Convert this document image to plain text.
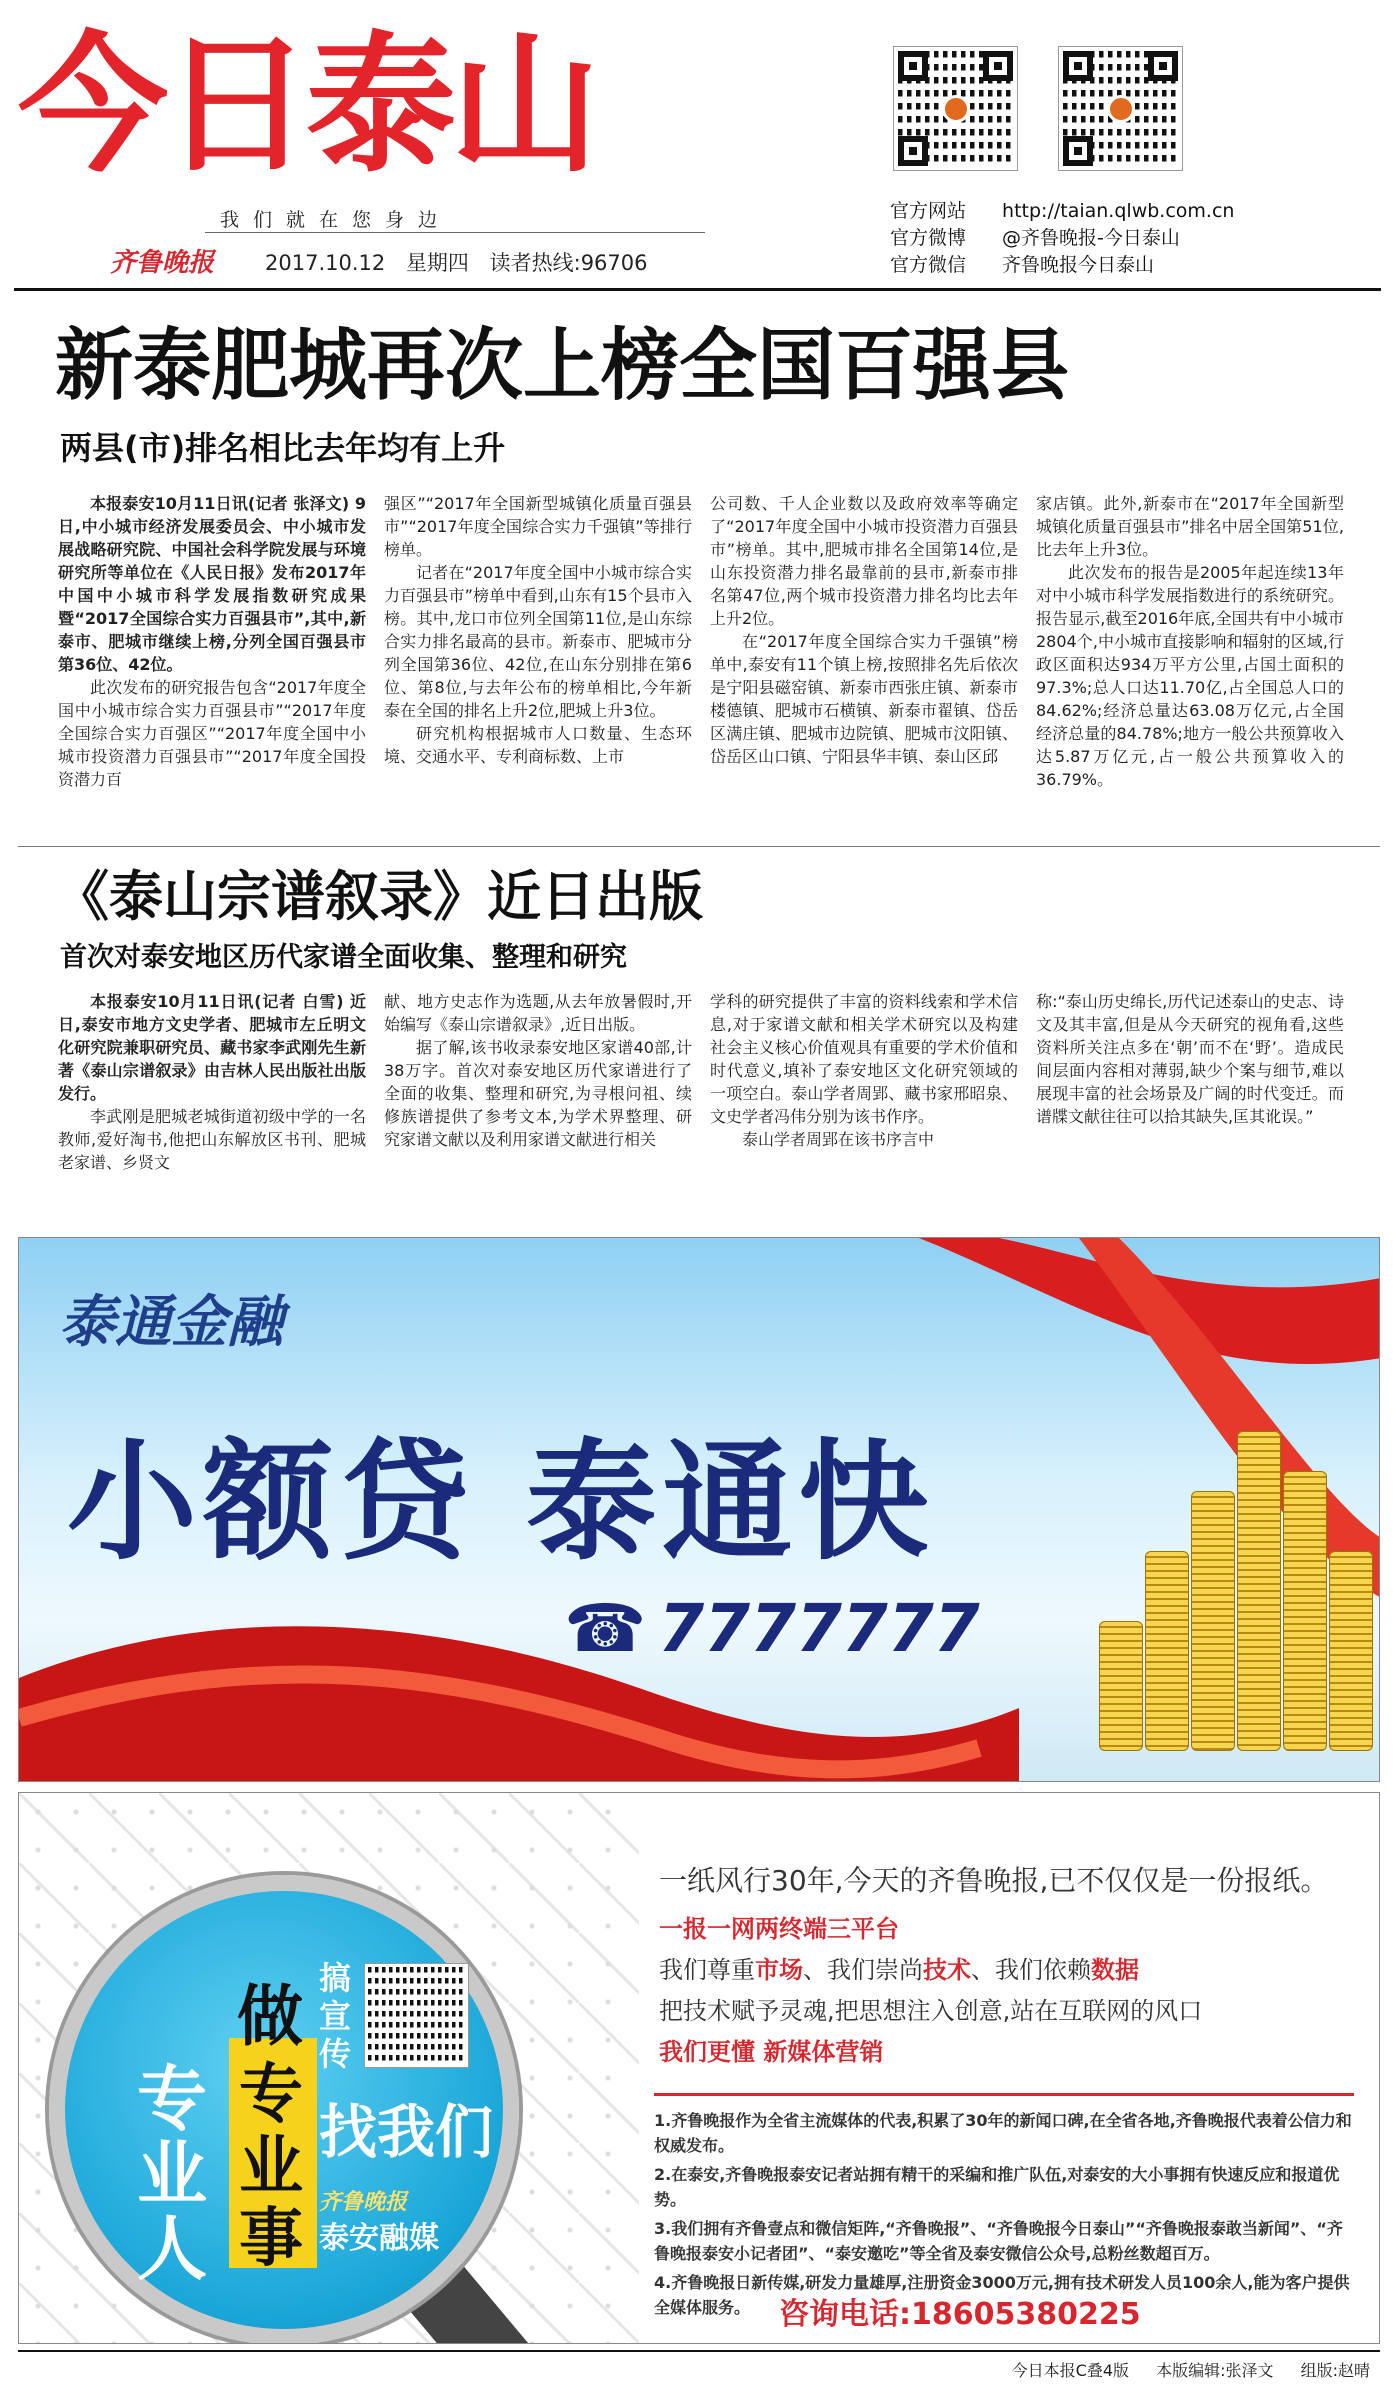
今日泰山
我们就在您身边
齐鲁晚报 2017.10.12 星期四 读者热线:96706
官方网站 http://taian.qlwb.com.cn
官方微博 @齐鲁晚报-今日泰山
官方微信 齐鲁晚报今日泰山
新泰肥城再次上榜全国百强县
两县(市)排名相比去年均有上升

本报泰安10月11日讯(记者 张泽文) 9日,中小城市经济发展委员会、中小城市发展战略研究院、中国社会科学院发展与环境研究所等单位在《人民日报》发布2017年中国中小城市科学发展指数研究成果暨“2017全国综合实力百强县市”,其中,新泰市、肥城市继续上榜,分列全国百强县市第36位、42位。

此次发布的研究报告包含“2017年度全国中小城市综合实力百强县市”“2017年度全国综合实力百强区”“2017年度全国中小城市投资潜力百强县市”“2017年度全国投资潜力百

强区”“2017年全国新型城镇化质量百强县市”“2017年度全国综合实力千强镇”等排行榜单。

记者在“2017年度全国中小城市综合实力百强县市”榜单中看到,山东有15个县市入榜。其中,龙口市位列全国第11位,是山东综合实力排名最高的县市。新泰市、肥城市分列全国第36位、42位,在山东分别排在第6位、第8位,与去年公布的榜单相比,今年新泰在全国的排名上升2位,肥城上升3位。

研究机构根据城市人口数量、生态环境、交通水平、专利商标数、上市

公司数、千人企业数以及政府效率等确定了“2017年度全国中小城市投资潜力百强县市”榜单。其中,肥城市排名全国第14位,是山东投资潜力排名最靠前的县市,新泰市排名第47位,两个城市投资潜力排名均比去年上升2位。

在“2017年度全国综合实力千强镇”榜单中,泰安有11个镇上榜,按照排名先后依次是宁阳县磁窑镇、新泰市西张庄镇、新泰市楼德镇、肥城市石横镇、新泰市翟镇、岱岳区满庄镇、肥城市边院镇、肥城市汶阳镇、岱岳区山口镇、宁阳县华丰镇、泰山区邱

家店镇。此外,新泰市在“2017年全国新型城镇化质量百强县市”排名中居全国第51位,比去年上升3位。

此次发布的报告是2005年起连续13年对中小城市科学发展指数进行的系统研究。报告显示,截至2016年底,全国共有中小城市2804个,中小城市直接影响和辐射的区域,行政区面积达934万平方公里,占国土面积的97.3%;总人口达11.70亿,占全国总人口的84.62%;经济总量达63.08万亿元,占全国经济总量的84.78%;地方一般公共预算收入达5.87万亿元,占一般公共预算收入的36.79%。

《泰山宗谱叙录》近日出版
首次对泰安地区历代家谱全面收集、整理和研究

本报泰安10月11日讯(记者 白雪) 近日,泰安市地方文史学者、肥城市左丘明文化研究院兼职研究员、藏书家李武刚先生新著《泰山宗谱叙录》由吉林人民出版社出版发行。

李武刚是肥城老城街道初级中学的一名教师,爱好淘书,他把山东解放区书刊、肥城老家谱、乡贤文

献、地方史志作为选题,从去年放暑假时,开始编写《泰山宗谱叙录》,近日出版。

据了解,该书收录泰安地区家谱40部,计38万字。首次对泰安地区历代家谱进行了全面的收集、整理和研究,为寻根问祖、续修族谱提供了参考文本,为学术界整理、研究家谱文献以及利用家谱文献进行相关

学科的研究提供了丰富的资料线索和学术信息,对于家谱文献和相关学术研究以及构建社会主义核心价值观具有重要的学术价值和时代意义,填补了泰安地区文化研究领域的一项空白。泰山学者周郢、藏书家邢昭泉、文史学者冯伟分别为该书作序。

泰山学者周郢在该书序言中

称:“泰山历史绵长,历代记述泰山的史志、诗文及其丰富,但是从今天研究的视角看,这些资料所关注点多在‘朝’而不在‘野’。造成民间层面内容相对薄弱,缺少个案与细节,难以展现丰富的社会场景及广阔的时代变迁。而谱牒文献往往可以拾其缺失,匡其讹误。”

泰通金融
小额贷 泰通快
☎ 7777777
专
业
人
做
专
业
事
搞
宣
传
找我们
齐鲁晚报
泰安融媒
一纸风行30年,今天的齐鲁晚报,已不仅仅是一份报纸。
一报一网两终端三平台
我们尊重市场、我们崇尚技术、我们依赖数据
把技术赋予灵魂,把思想注入创意,站在互联网的风口
我们更懂 新媒体营销

1.齐鲁晚报作为全省主流媒体的代表,积累了30年的新闻口碑,在全省各地,齐鲁晚报代表着公信力和权威发布。

2.在泰安,齐鲁晚报泰安记者站拥有精干的采编和推广队伍,对泰安的大小事拥有快速反应和报道优势。

3.我们拥有齐鲁壹点和微信矩阵,“齐鲁晚报”、“齐鲁晚报今日泰山”“齐鲁晚报泰敢当新闻”、“齐鲁晚报泰安小记者团”、“泰安邀吃”等全省及泰安微信公众号,总粉丝数超百万。

4.齐鲁晚报日新传媒,研发力量雄厚,注册资金3000万元,拥有技术研发人员100余人,能为客户提供全媒体服务。 咨询电话:18605380225
今日本报C叠4版 本版编辑:张泽文 组版:赵晴
